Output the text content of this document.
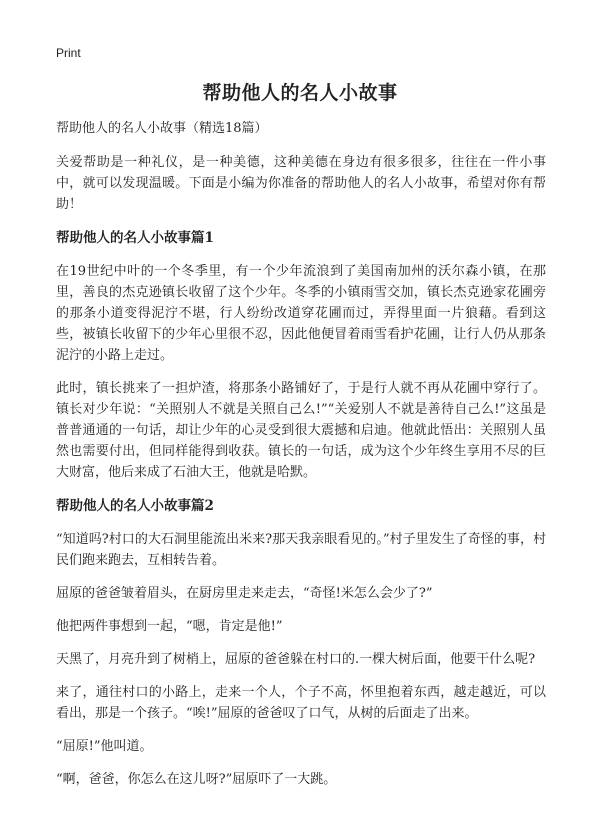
Print
帮助他人的名人小故事

帮助他人的名人小故事（精选18篇）

关爱帮助是一种礼仪，是一种美德，这种美德在身边有很多很多，往往在一件小事中，就可以发现温暖。下面是小编为你准备的帮助他人的名人小故事，希望对你有帮助！

帮助他人的名人小故事篇1

在19世纪中叶的一个冬季里，有一个少年流浪到了美国南加州的沃尔森小镇，在那里，善良的杰克逊镇长收留了这个少年。冬季的小镇雨雪交加，镇长杰克逊家花圃旁的那条小道变得泥泞不堪，行人纷纷改道穿花圃而过，弄得里面一片狼藉。看到这些，被镇长收留下的少年心里很不忍，因此他便冒着雨雪看护花圃，让行人仍从那条泥泞的小路上走过。

此时，镇长挑来了一担炉渣，将那条小路铺好了，于是行人就不再从花圃中穿行了。镇长对少年说：“关照别人不就是关照自己么!”“关爱别人不就是善待自己么!”这虽是普普通通的一句话，却让少年的心灵受到很大震撼和启迪。他就此悟出：关照别人虽然也需要付出，但同样能得到收获。镇长的一句话，成为这个少年终生享用不尽的巨大财富，他后来成了石油大王，他就是哈默。

帮助他人的名人小故事篇2

“知道吗?村口的大石洞里能流出米来?那天我亲眼看见的。”村子里发生了奇怪的事，村民们跑来跑去，互相转告着。

屈原的爸爸皱着眉头，在厨房里走来走去，“奇怪!米怎么会少了?”

他把两件事想到一起，“嗯，肯定是他!”

天黑了，月亮升到了树梢上，屈原的爸爸躲在村口的.一棵大树后面，他要干什么呢?

来了，通往村口的小路上，走来一个人，个子不高，怀里抱着东西，越走越近，可以看出，那是一个孩子。“唉!”屈原的爸爸叹了口气，从树的后面走了出来。

“屈原!”他叫道。

“啊，爸爸，你怎么在这儿呀?”屈原吓了一大跳。
